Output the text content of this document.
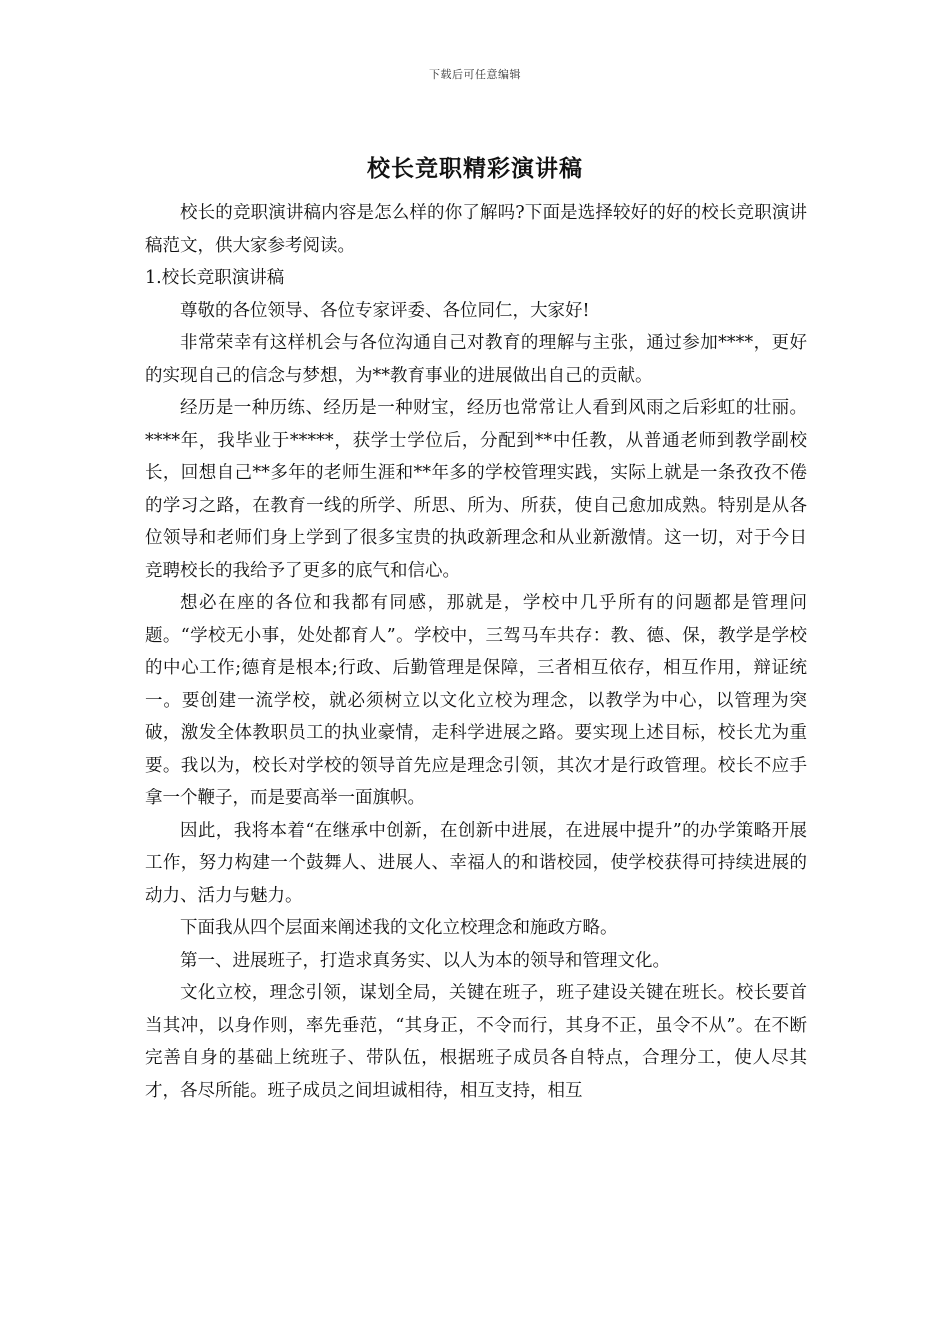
下载后可任意编辑
校长竞职精彩演讲稿

校长的竞职演讲稿内容是怎么样的你了解吗?下面是选择较好的好的校长竞职演讲稿范文，供大家参考阅读。

1.校长竞职演讲稿

尊敬的各位领导、各位专家评委、各位同仁，大家好!

非常荣幸有这样机会与各位沟通自己对教育的理解与主张，通过参加****，更好的实现自己的信念与梦想，为**教育事业的进展做出自己的贡献。

经历是一种历练、经历是一种财宝，经历也常常让人看到风雨之后彩虹的壮丽。****年，我毕业于*****，获学士学位后，分配到**中任教，从普通老师到教学副校长，回想自己**多年的老师生涯和**年多的学校管理实践，实际上就是一条孜孜不倦的学习之路，在教育一线的所学、所思、所为、所获，使自己愈加成熟。特别是从各位领导和老师们身上学到了很多宝贵的执政新理念和从业新激情。这一切，对于今日竞聘校长的我给予了更多的底气和信心。

想必在座的各位和我都有同感，那就是，学校中几乎所有的问题都是管理问题。“学校无小事，处处都育人”。学校中，三驾马车共存：教、德、保，教学是学校的中心工作;德育是根本;行政、后勤管理是保障，三者相互依存，相互作用，辩证统一。要创建一流学校，就必须树立以文化立校为理念，以教学为中心，以管理为突破，激发全体教职员工的执业豪情，走科学进展之路。要实现上述目标，校长尤为重要。我以为，校长对学校的领导首先应是理念引领，其次才是行政管理。校长不应手拿一个鞭子，而是要高举一面旗帜。

因此，我将本着“在继承中创新，在创新中进展，在进展中提升”的办学策略开展工作，努力构建一个鼓舞人、进展人、幸福人的和谐校园，使学校获得可持续进展的动力、活力与魅力。

下面我从四个层面来阐述我的文化立校理念和施政方略。

第一、进展班子，打造求真务实、以人为本的领导和管理文化。

文化立校，理念引领，谋划全局，关键在班子，班子建设关键在班长。校长要首当其冲，以身作则，率先垂范，“其身正，不令而行，其身不正，虽令不从”。在不断完善自身的基础上统班子、带队伍，根据班子成员各自特点，合理分工，使人尽其才，各尽所能。班子成员之间坦诚相待，相互支持，相互
